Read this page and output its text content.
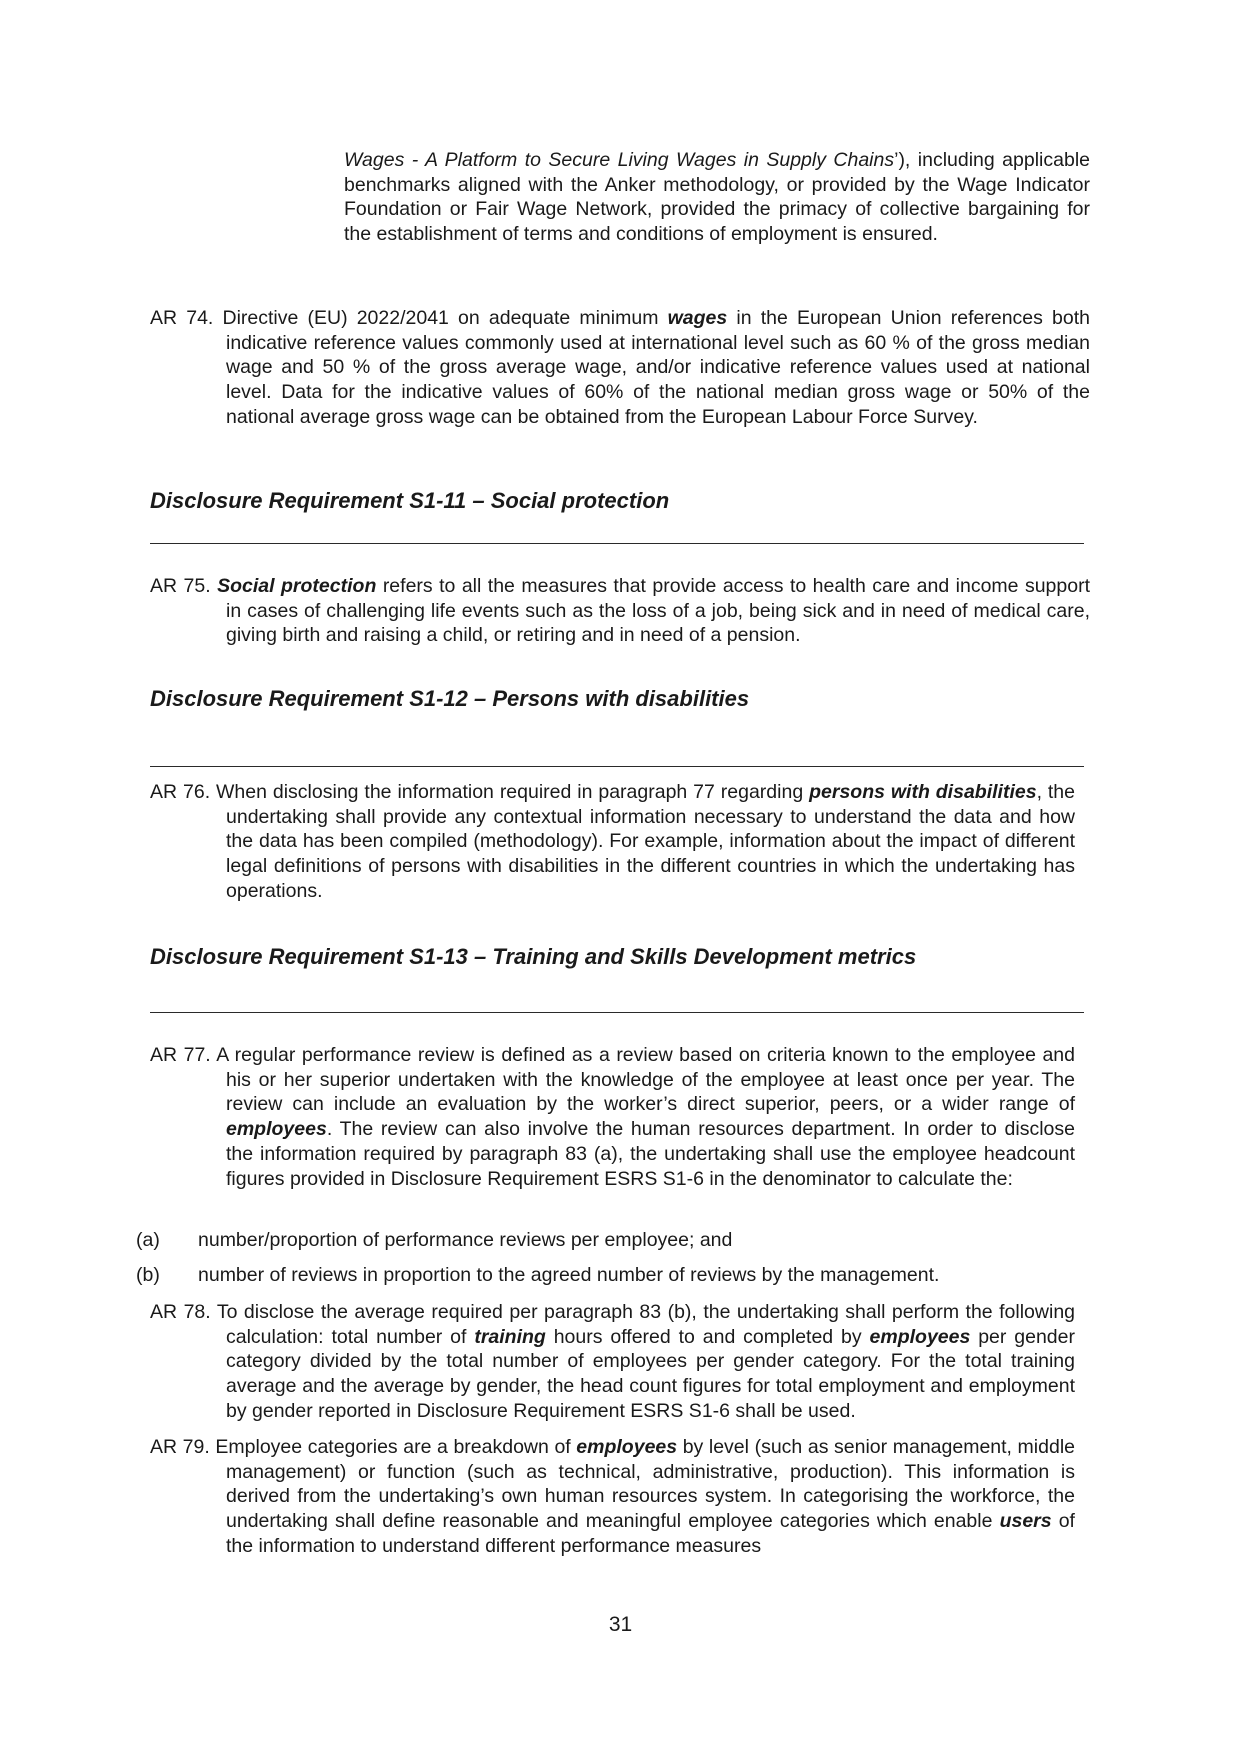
Wages - A Platform to Secure Living Wages in Supply Chains’), including applicable benchmarks aligned with the Anker methodology, or provided by the Wage Indicator Foundation or Fair Wage Network, provided the primacy of collective bargaining for the establishment of terms and conditions of employment is ensured.

AR 74. Directive (EU) 2022/2041 on adequate minimum wages in the European Union references both indicative reference values commonly used at international level such as 60 % of the gross median wage and 50 % of the gross average wage, and/or indicative reference values used at national level. Data for the indicative values of 60% of the national median gross wage or 50% of the national average gross wage can be obtained from the European Labour Force Survey.

Disclosure Requirement S1-11 – Social protection

AR 75. Social protection refers to all the measures that provide access to health care and income support in cases of challenging life events such as the loss of a job, being sick and in need of medical care, giving birth and raising a child, or retiring and in need of a pension.

Disclosure Requirement S1-12 – Persons with disabilities

AR 76. When disclosing the information required in paragraph 77 regarding persons with disabilities, the undertaking shall provide any contextual information necessary to understand the data and how the data has been compiled (methodology). For example, information about the impact of different legal definitions of persons with disabilities in the different countries in which the undertaking has operations.

Disclosure Requirement S1-13 – Training and Skills Development metrics

AR 77. A regular performance review is defined as a review based on criteria known to the employee and his or her superior undertaken with the knowledge of the employee at least once per year. The review can include an evaluation by the worker’s direct superior, peers, or a wider range of employees. The review can also involve the human resources department. In order to disclose the information required by paragraph 83 (a), the undertaking shall use the employee headcount figures provided in Disclosure Requirement ESRS S1-6 in the denominator to calculate the:

(a) number/proportion of performance reviews per employee; and
(b) number of reviews in proportion to the agreed number of reviews by the management.

AR 78. To disclose the average required per paragraph 83 (b), the undertaking shall perform the following calculation: total number of training hours offered to and completed by employees per gender category divided by the total number of employees per gender category. For the total training average and the average by gender, the head count figures for total employment and employment by gender reported in Disclosure Requirement ESRS S1-6 shall be used.

AR 79. Employee categories are a breakdown of employees by level (such as senior management, middle management) or function (such as technical, administrative, production). This information is derived from the undertaking’s own human resources system. In categorising the workforce, the undertaking shall define reasonable and meaningful employee categories which enable users of the information to understand different performance measures

31
